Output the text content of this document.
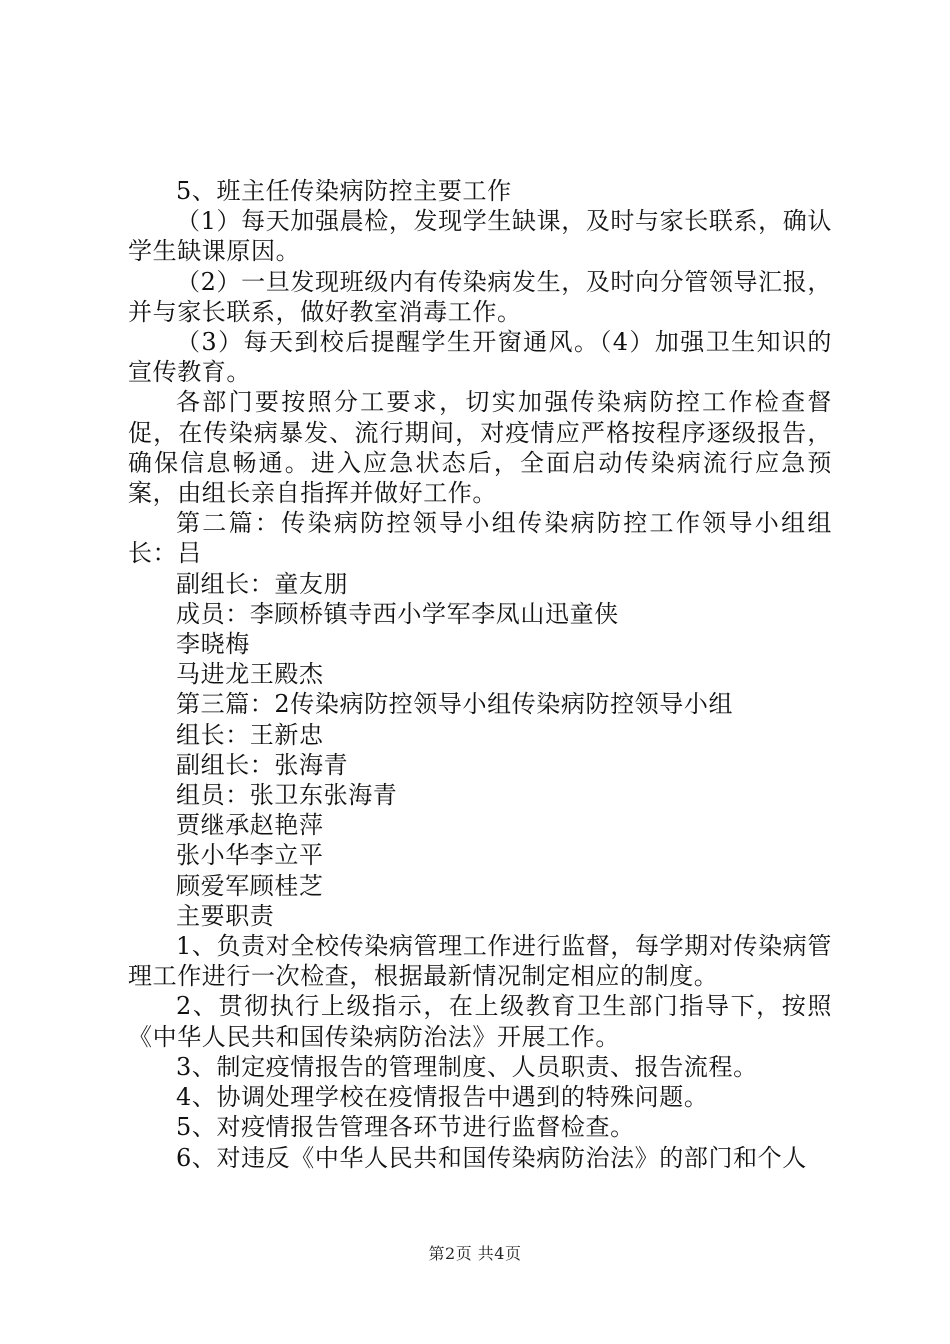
5、班主任传染病防控主要工作

（1）每天加强晨检，发现学生缺课，及时与家长联系，确认学生缺课原因。

（2）一旦发现班级内有传染病发生，及时向分管领导汇报，并与家长联系，做好教室消毒工作。

（3）每天到校后提醒学生开窗通风。（4）加强卫生知识的宣传教育。

各部门要按照分工要求，切实加强传染病防控工作检查督促，在传染病暴发、流行期间，对疫情应严格按程序逐级报告，确保信息畅通。进入应急状态后，全面启动传染病流行应急预案，由组长亲自指挥并做好工作。

第二篇：传染病防控领导小组传染病防控工作领导小组组长：吕

副组长：童友朋

成员：李顾桥镇寺西小学军李凤山迅童侠

李晓梅

马进龙王殿杰

第三篇：2传染病防控领导小组传染病防控领导小组

组长：王新忠

副组长：张海青

组员：张卫东张海青

贾继承赵艳萍

张小华李立平

顾爱军顾桂芝

主要职责

1、负责对全校传染病管理工作进行监督，每学期对传染病管理工作进行一次检查，根据最新情况制定相应的制度。

2、贯彻执行上级指示，在上级教育卫生部门指导下，按照《中华人民共和国传染病防治法》开展工作。

3、制定疫情报告的管理制度、人员职责、报告流程。

4、协调处理学校在疫情报告中遇到的特殊问题。

5、对疫情报告管理各环节进行监督检查。

6、对违反《中华人民共和国传染病防治法》的部门和个人

第2页 共4页
